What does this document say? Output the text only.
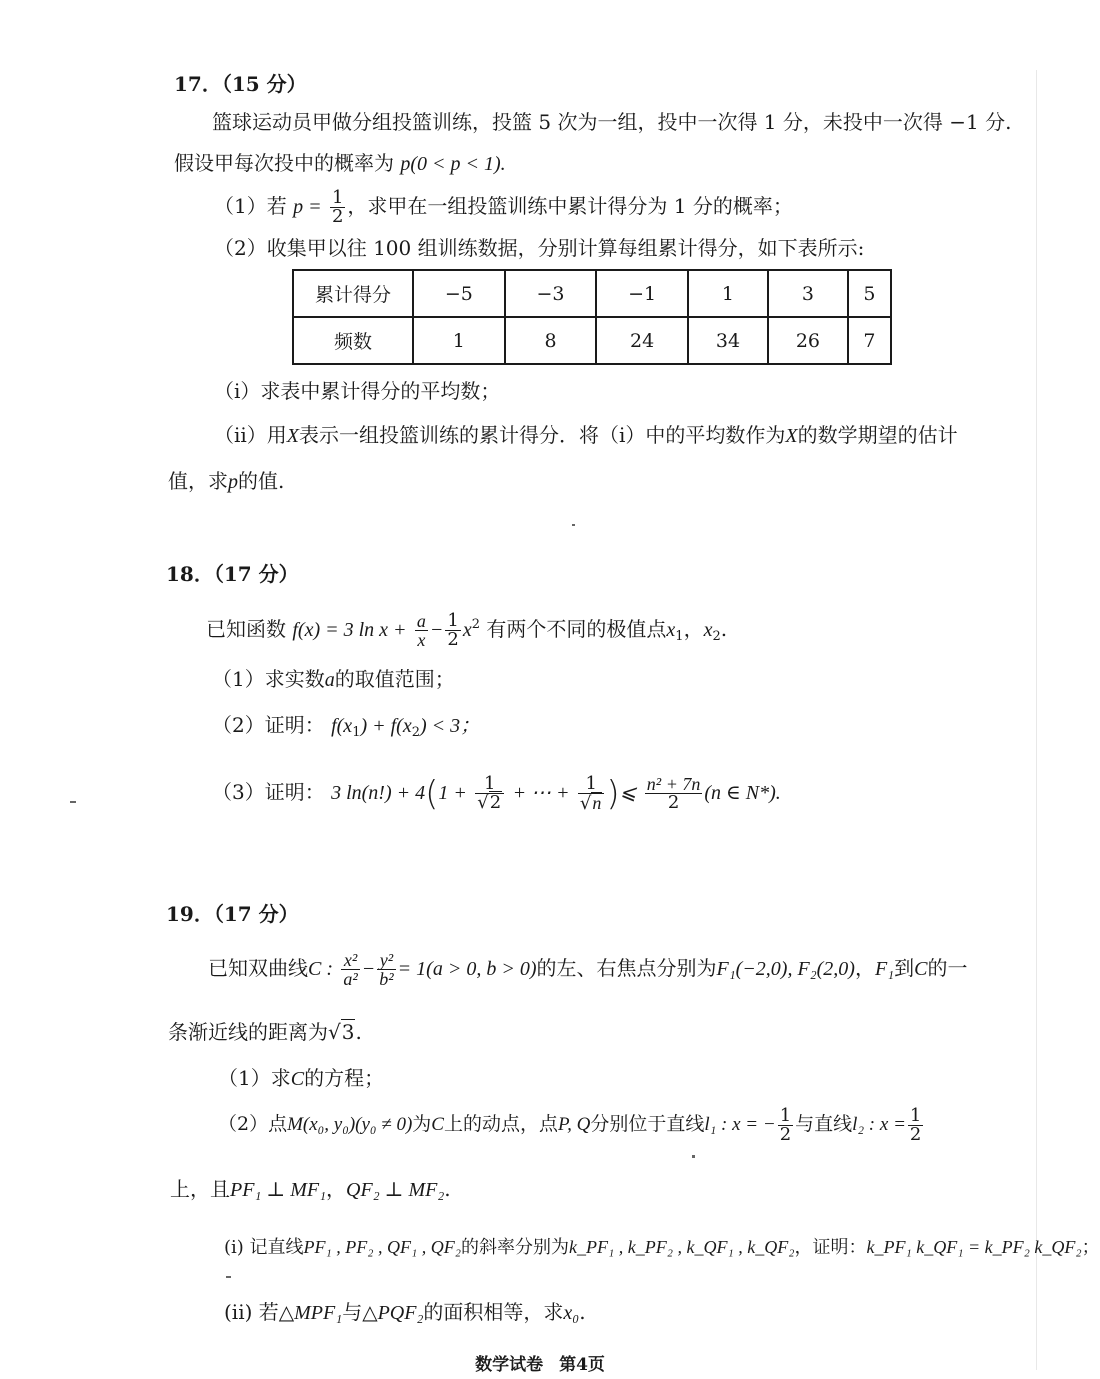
17．（15 分）
篮球运动员甲做分组投篮训练，投篮 5 次为一组，投中一次得 1 分，未投中一次得 −1 分.
假设甲每次投中的概率为 p(0 < p < 1).
（1）若 $p = \frac{1}{2}$ ，求甲在一组投篮训练中累计得分为 1 分的概率；
（2）收集甲以往 100 组训练数据，分别计算每组累计得分，如下表所示:
累计得分	−5	−3	−1	1	3	5
频数	1	8	24	34	26	7
（i）求表中累计得分的平均数；
（ii）用X表示一组投篮训练的累计得分．将（i）中的平均数作为X的数学期望的估计
值，求p的值.
18．（17 分）
已知函数 f(x) = 3 $\ln x + \frac{a}{x} - \frac{1}{2} x^2$ 有两个不同的极值点$x_1$，$x_2$.
（1）求实数a的取值范围；
（2）证明： $f(x_1) + f(x_2) < 3$；
（3）证明： 3 $\ln(n!) + 4(1 + \frac{1}{√2}$ + ⋯ + $\frac{1}{√n}$ )⩽ $\frac{\text{n² + 7n}}{2} (n$ ∈ N*).
19．（17 分）
已知双曲线C : $\frac{\text{x²}}{\text{a²}} - \frac{\text{y²}}{\text{b²}} = 1(a > 0$, b > 0)的左、右焦点分别为F₁(−2,0), F₂(2,0)，F₁到C的一
条渐近线的距离为√3.
（1）求C的方程；
（2）点M(x₀, y₀)(y₀ ≠ 0)为C上的动点，点P, Q分别位于直线l₁ : x = − $\frac{1}{2}$ 与直线l₂ : $x = \frac{1}{2}$
上，且PF₁ ⊥ MF₁，QF₂ ⊥ MF₂.
(i) 记直线PF₁ , PF₂ , QF₁ , QF₂的斜率分别为k_PF₁ , k_PF₂ , k_QF₁ , k_QF₂，证明：k_PF₁ k_QF₁ = k_PF₂ k_QF₂；
(ii) 若△MPF₁与△PQF₂的面积相等，求x₀.
数学试卷 第4页
